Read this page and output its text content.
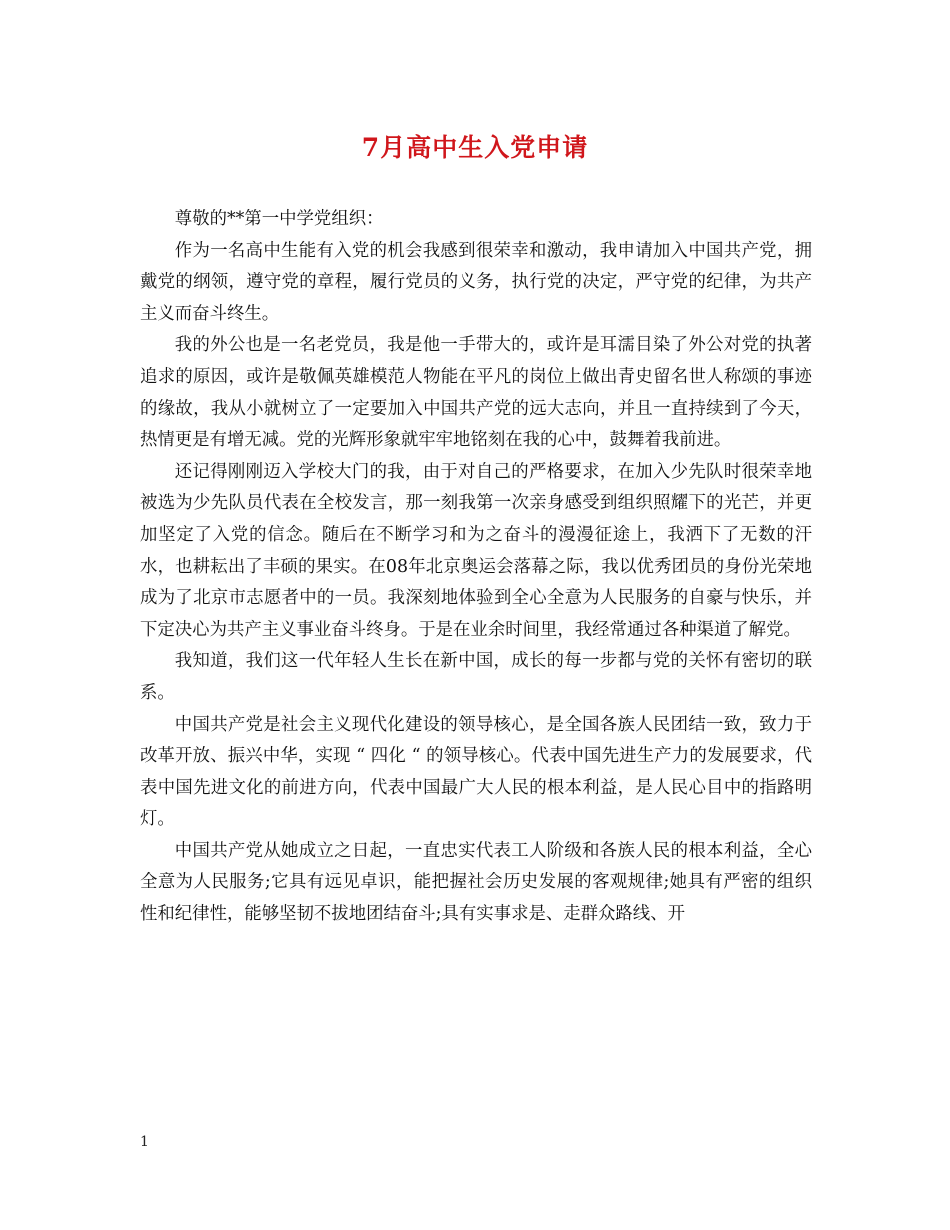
7月高中生入党申请

尊敬的**第一中学党组织：

作为一名高中生能有入党的机会我感到很荣幸和激动，我申请加入中国共产党，拥戴党的纲领，遵守党的章程，履行党员的义务，执行党的决定，严守党的纪律，为共产主义而奋斗终生。

我的外公也是一名老党员，我是他一手带大的，或许是耳濡目染了外公对党的执著追求的原因，或许是敬佩英雄模范人物能在平凡的岗位上做出青史留名世人称颂的事迹的缘故，我从小就树立了一定要加入中国共产党的远大志向，并且一直持续到了今天，热情更是有增无减。党的光辉形象就牢牢地铭刻在我的心中，鼓舞着我前进。

还记得刚刚迈入学校大门的我，由于对自己的严格要求，在加入少先队时很荣幸地被选为少先队员代表在全校发言，那一刻我第一次亲身感受到组织照耀下的光芒，并更加坚定了入党的信念。随后在不断学习和为之奋斗的漫漫征途上，我洒下了无数的汗水，也耕耘出了丰硕的果实。在08年北京奥运会落幕之际，我以优秀团员的身份光荣地成为了北京市志愿者中的一员。我深刻地体验到全心全意为人民服务的自豪与快乐，并下定决心为共产主义事业奋斗终身。于是在业余时间里，我经常通过各种渠道了解党。

我知道，我们这一代年轻人生长在新中国，成长的每一步都与党的关怀有密切的联系。

中国共产党是社会主义现代化建设的领导核心，是全国各族人民团结一致，致力于改革开放、振兴中华，实现 “ 四化 “ 的领导核心。代表中国先进生产力的发展要求，代表中国先进文化的前进方向，代表中国最广大人民的根本利益，是人民心目中的指路明灯。

中国共产党从她成立之日起，一直忠实代表工人阶级和各族人民的根本利益，全心全意为人民服务;它具有远见卓识，能把握社会历史发展的客观规律;她具有严密的组织性和纪律性，能够坚韧不拔地团结奋斗;具有实事求是、走群众路线、开

1
